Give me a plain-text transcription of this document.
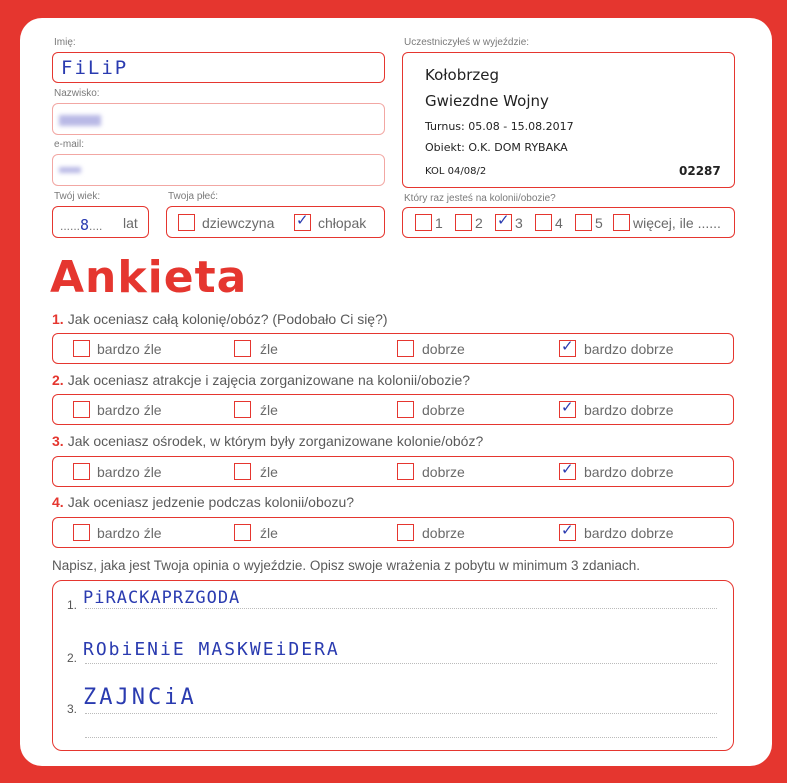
Imię:
FiLiP
Nazwisko:
e-mail:
Twój wiek:
......8.... lat
Twoja płeć:
dziewczyna ✓ chłopak
Uczestniczyłeś w wyjeździe:
Kołobrzeg
Gwiezdne Wojny
Turnus: 05.08 - 15.08.2017
Obiekt: O.K. DOM RYBAKA
KOL 04/08/2	02287
Który raz jesteś na kolonii/obozie?
1 2 ✓ 3 4 5 więcej, ile ......
Ankieta
1. Jak oceniasz całą kolonię/obóz? (Podobało Ci się?)
bardzo źle	źle	dobrze	✓ bardzo dobrze
2. Jak oceniasz atrakcje i zajęcia zorganizowane na kolonii/obozie?
bardzo źle	źle	dobrze	✓ bardzo dobrze
3. Jak oceniasz ośrodek, w którym były zorganizowane kolonie/obóz?
bardzo źle	źle	dobrze	✓ bardzo dobrze
4. Jak oceniasz jedzenie podczas kolonii/obozu?
bardzo źle	źle	dobrze	✓ bardzo dobrze
Napisz, jaka jest Twoja opinia o wyjeździe. Opisz swoje wrażenia z pobytu w minimum 3 zdaniach.
1. PiRACKAPRZGODA
2. RObiENiE MASKWEiDERA
3. ZAJNCiA
